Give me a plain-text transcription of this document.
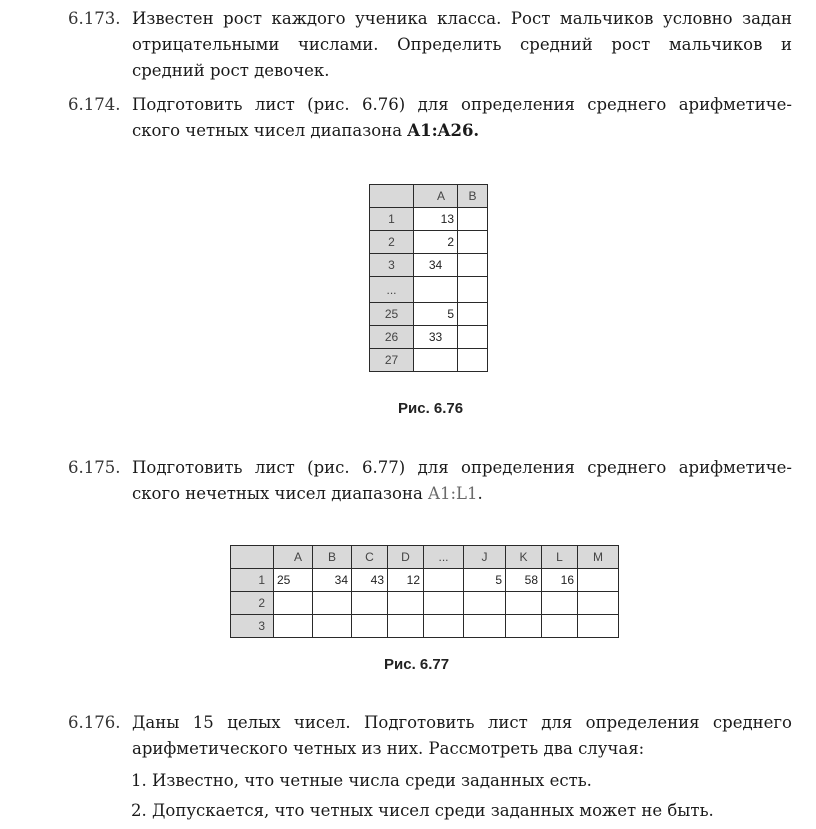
6.173. Известен рост каждого ученика класса. Рост мальчиков условно задан
отрицательными числами. Определить средний рост мальчиков и
средний рост девочек.
6.174. Подготовить лист (рис. 6.76) для определения среднего арифметиче-
ского четных чисел диапазона A1:A26.
	A	B
1	13	
2	2	
3	34	
...		
25	5	
26	33	
27		
Рис. 6.76
6.175. Подготовить лист (рис. 6.77) для определения среднего арифметиче-
ского нечетных чисел диапазона A1:L1.
	A	B	C	D	...	J	K	L	M
1	25	34	43	12		5	58	16	
2									
3									
Рис. 6.77
6.176. Даны 15 целых чисел. Подготовить лист для определения среднего
арифметического четных из них. Рассмотреть два случая:
1. Известно, что четные числа среди заданных есть.
2. Допускается, что четных чисел среди заданных может не быть.
